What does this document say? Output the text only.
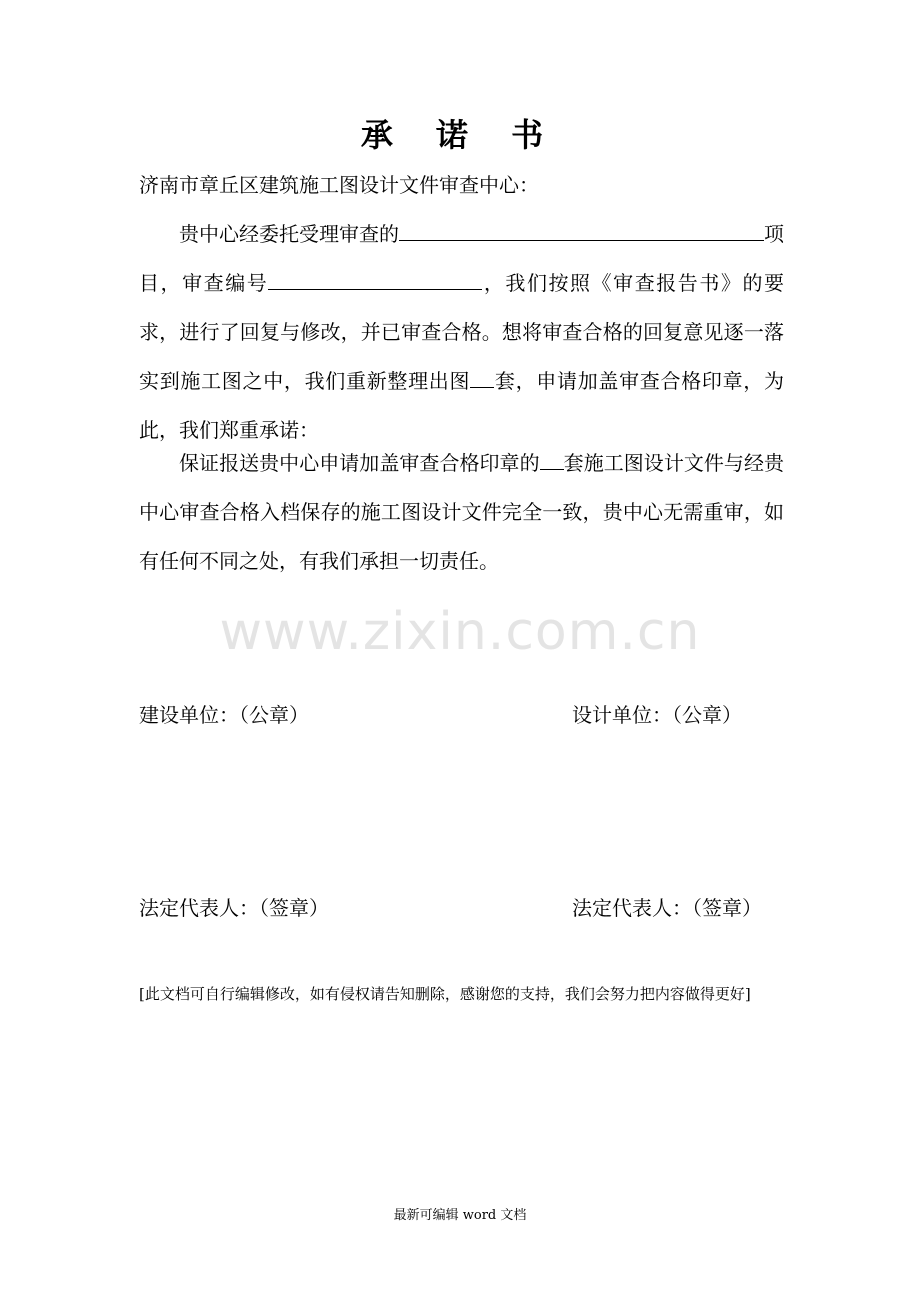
承 诺 书
济南市章丘区建筑施工图设计文件审查中心：
贵中心经委托受理审查的	项目，审查编号	，我们按照《审查报告书》的要求，进行了回复与修改，并已审查合格。想将审查合格的回复意见逐一落实到施工图之中，我们重新整理出图 套，申请加盖审查合格印章，为此，我们郑重承诺：
保证报送贵中心申请加盖审查合格印章的 套施工图设计文件与经贵中心审查合格入档保存的施工图设计文件完全一致，贵中心无需重审，如有任何不同之处，有我们承担一切责任。
www.zixin.com.cn
建设单位：（公章）	设计单位：（公章）
法定代表人：（签章）	法定代表人：（签章）
[此文档可自行编辑修改，如有侵权请告知删除，感谢您的支持，我们会努力把内容做得更好]
最新可编辑 word 文档
